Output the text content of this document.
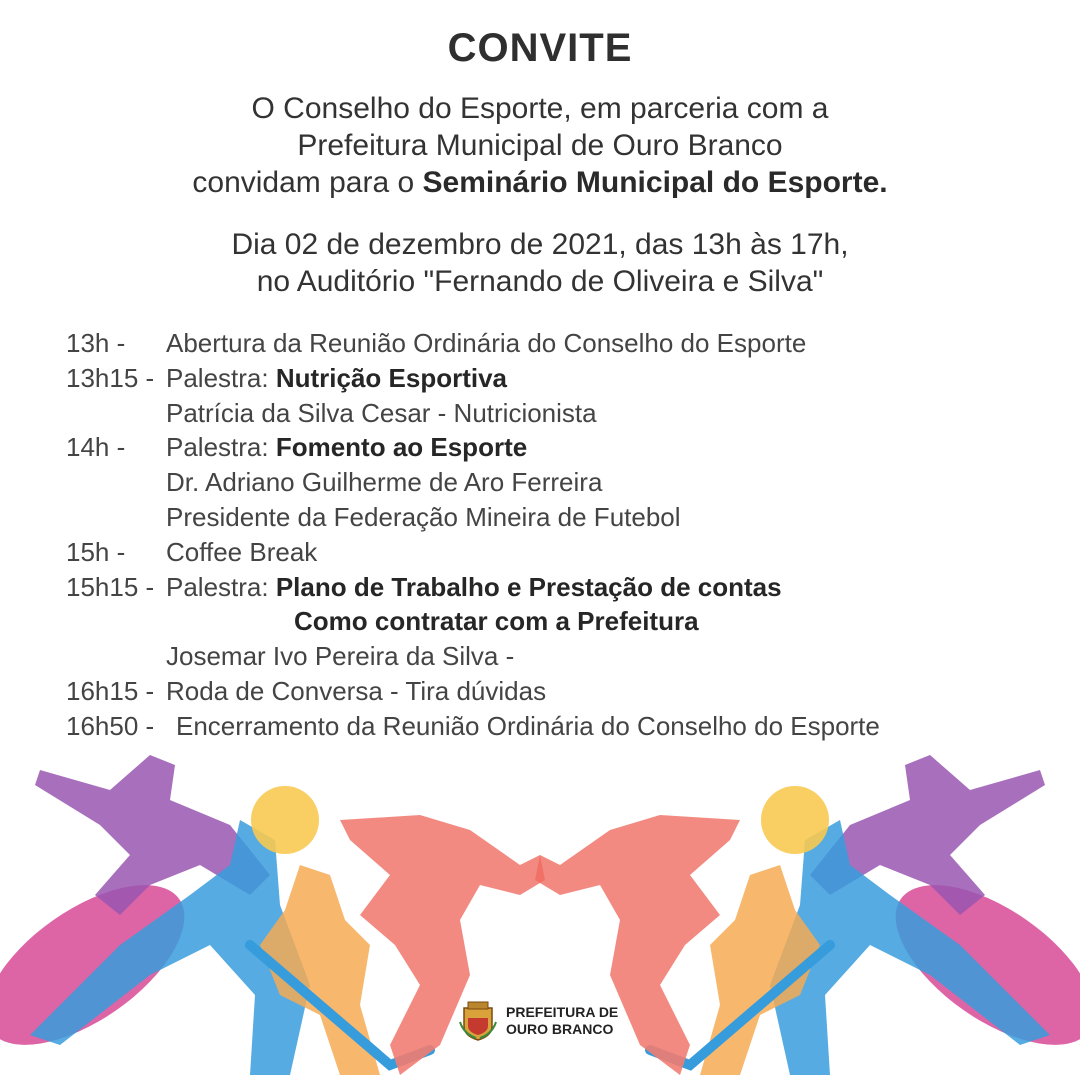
CONVITE
O Conselho do Esporte, em parceria com a
Prefeitura Municipal de Ouro Branco
convidam para o Seminário Municipal do Esporte.
Dia 02 de dezembro de 2021, das 13h às 17h,
no Auditório "Fernando de Oliveira e Silva"
13h - Abertura da Reunião Ordinária do Conselho do Esporte
13h15 - Palestra: Nutrição Esportiva
Patrícia da Silva Cesar - Nutricionista
14h - Palestra: Fomento ao Esporte
Dr. Adriano Guilherme de Aro Ferreira
Presidente da Federação Mineira de Futebol
15h - Coffee Break
15h15 - Palestra: Plano de Trabalho e Prestação de contas
Como contratar com a Prefeitura
Josemar Ivo Pereira da Silva -
16h15 - Roda de Conversa - Tira dúvidas
16h50 - Encerramento da Reunião Ordinária do Conselho do Esporte
PREFEITURA DE
OURO BRANCO
